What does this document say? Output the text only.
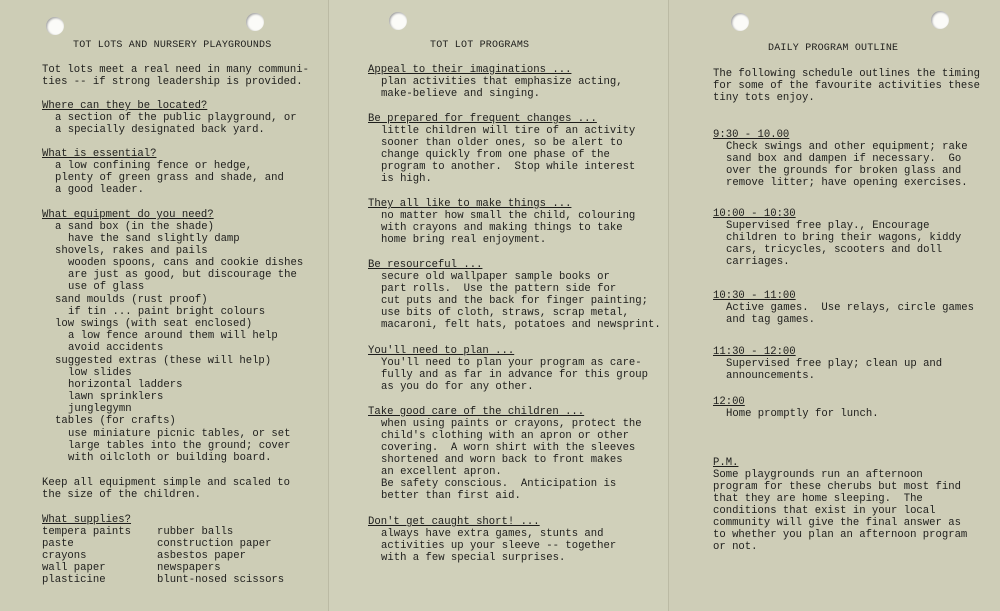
TOT LOTS AND NURSERY PLAYGROUNDS
Tot lots meet a real need in many communi-
ties -- if strong leadership is provided.
Where can they be located?
a section of the public playground, or
a specially designated back yard.
What is essential?
a low confining fence or hedge,
plenty of green grass and shade, and
a good leader.
What equipment do you need?
a sand box (in the shade)
have the sand slightly damp
shovels, rakes and pails
wooden spoons, cans and cookie dishes
are just as good, but discourage the
use of glass
sand moulds (rust proof)
if tin ... paint bright colours
low swings (with seat enclosed)
a low fence around them will help
avoid accidents
suggested extras (these will help)
low slides
horizontal ladders
lawn sprinklers
junglegymn
tables (for crafts)
use miniature picnic tables, or set
large tables into the ground; cover
with oilcloth or building board.
Keep all equipment simple and scaled to
the size of the children.
What supplies?
tempera paints
paste
crayons
wall paper
plasticine
rubber balls
construction paper
asbestos paper
newspapers
blunt-nosed scissors
TOT LOT PROGRAMS
Appeal to their imaginations ...
plan activities that emphasize acting,
make-believe and singing.
Be prepared for frequent changes ...
little children will tire of an activity
sooner than older ones, so be alert to
change quickly from one phase of the
program to another.  Stop while interest
is high.
They all like to make things ...
no matter how small the child, colouring
with crayons and making things to take
home bring real enjoyment.
Be resourceful ...
secure old wallpaper sample books or
part rolls.  Use the pattern side for
cut puts and the back for finger painting;
use bits of cloth, straws, scrap metal,
macaroni, felt hats, potatoes and newsprint.
You'll need to plan ...
You'll need to plan your program as care-
fully and as far in advance for this group
as you do for any other.
Take good care of the children ...
when using paints or crayons, protect the
child's clothing with an apron or other
covering.  A worn shirt with the sleeves
shortened and worn back to front makes
an excellent apron.
Be safety conscious.  Anticipation is
better than first aid.
Don't get caught short! ...
always have extra games, stunts and
activities up your sleeve -- together
with a few special surprises.
DAILY PROGRAM OUTLINE
The following schedule outlines the timing
for some of the favourite activities these
tiny tots enjoy.
9:30 - 10.00
Check swings and other equipment; rake
sand box and dampen if necessary.  Go
over the grounds for broken glass and
remove litter; have opening exercises.
10:00 - 10:30
Supervised free play., Encourage
children to bring their wagons, kiddy
cars, tricycles, scooters and doll
carriages.
10:30 - 11:00
Active games.  Use relays, circle games
and tag games.
11:30 - 12:00
Supervised free play; clean up and
announcements.
12:00
Home promptly for lunch.
P.M.
Some playgrounds run an afternoon
program for these cherubs but most find
that they are home sleeping.  The
conditions that exist in your local
community will give the final answer as
to whether you plan an afternoon program
or not.
